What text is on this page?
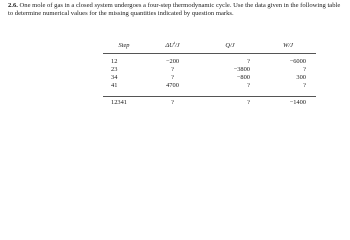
2.6. One mole of gas in a closed system undergoes a four-step thermodynamic cycle. Use the data given in the following table to determine numerical values for the missing quantities indicated by question marks.
Step	$\Delta U^t/J$	Q/J	W/J
12	−200	?	−6000
23	?	−3800	?
34	?	−800	300
41	4700	?	?

12341	?	?	−1400
